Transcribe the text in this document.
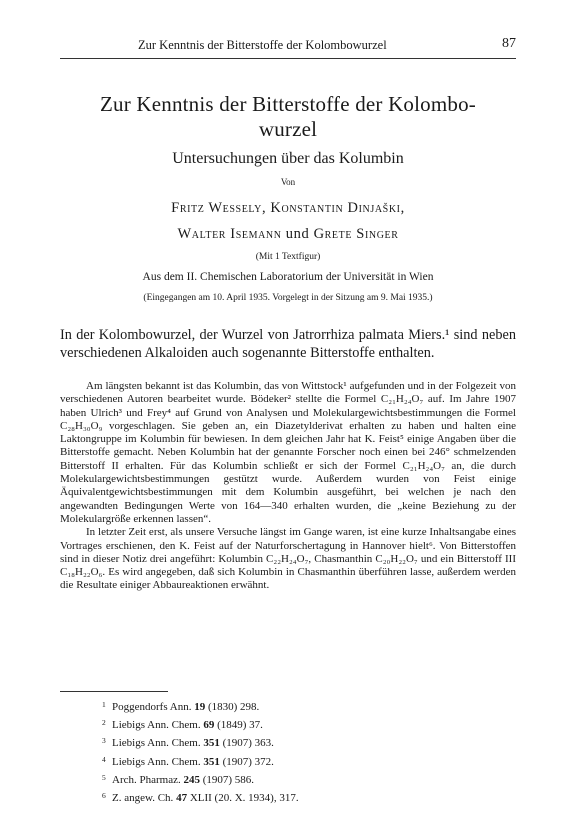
Zur Kenntnis der Bitterstoffe der Kolombowurzel	87
Zur Kenntnis der Bitterstoffe der Kolombo-
wurzel
Untersuchungen über das Kolumbin
Von
Fritz Wessely, Konstantin Dinjaški,
Walter Isemann und Grete Singer
(Mit 1 Textfigur)
Aus dem II. Chemischen Laboratorium der Universität in Wien
(Eingegangen am 10. April 1935. Vorgelegt in der Sitzung am 9. Mai 1935.)
In der Kolombowurzel, der Wurzel von Jatrorrhiza palmata Miers.¹ sind neben verschiedenen Alkaloiden auch sogenannte Bitterstoffe enthalten.

Am längsten bekannt ist das Kolumbin, das von Wittstock¹ aufgefunden und in der Folgezeit von verschiedenen Autoren bearbeitet wurde. Bödeker² stellte die Formel C₂₁H₂₄O₇ auf. Im Jahre 1907 haben Ulrich³ und Frey⁴ auf Grund von Analysen und Molekulargewichtsbestimmungen die Formel C₂₈H₃₀O₉ vorgeschlagen. Sie geben an, ein Diazetylderivat erhalten zu haben und halten eine Laktongruppe im Kolumbin für bewiesen. In dem gleichen Jahr hat K. Feist⁵ einige Angaben über die Bitterstoffe gemacht. Neben Kolumbin hat der genannte Forscher noch einen bei 246° schmelzenden Bitterstoff II erhalten. Für das Kolumbin schließt er sich der Formel C₂₁H₂₄O₇ an, die durch Molekulargewichtsbestimmungen gestützt wurde. Außerdem wurden von Feist einige Äquivalentgewichtsbestimmungen mit dem Kolumbin ausgeführt, bei welchen je nach den angewandten Bedingungen Werte von 164—340 erhalten wurden, die „keine Beziehung zu der Molekulargröße erkennen lassen“.

In letzter Zeit erst, als unsere Versuche längst im Gange waren, ist eine kurze Inhaltsangabe eines Vortrages erschienen, den K. Feist auf der Naturforschertagung in Hannover hielt⁶. Von Bitterstoffen sind in dieser Notiz drei angeführt: Kolumbin C₂₂H₂₄O₇, Chasmanthin C₂₀H₂₂O₇ und ein Bitterstoff III C₁₈H₂₂O₆. Es wird angegeben, daß sich Kolumbin in Chasmanthin überführen lasse, außerdem werden die Resultate einiger Abbaureaktionen erwähnt.

1 Poggendorfs Ann. 19 (1830) 298.
2 Liebigs Ann. Chem. 69 (1849) 37.
3 Liebigs Ann. Chem. 351 (1907) 363.
4 Liebigs Ann. Chem. 351 (1907) 372.
5 Arch. Pharmaz. 245 (1907) 586.
6 Z. angew. Ch. 47 XLII (20. X. 1934), 317.
